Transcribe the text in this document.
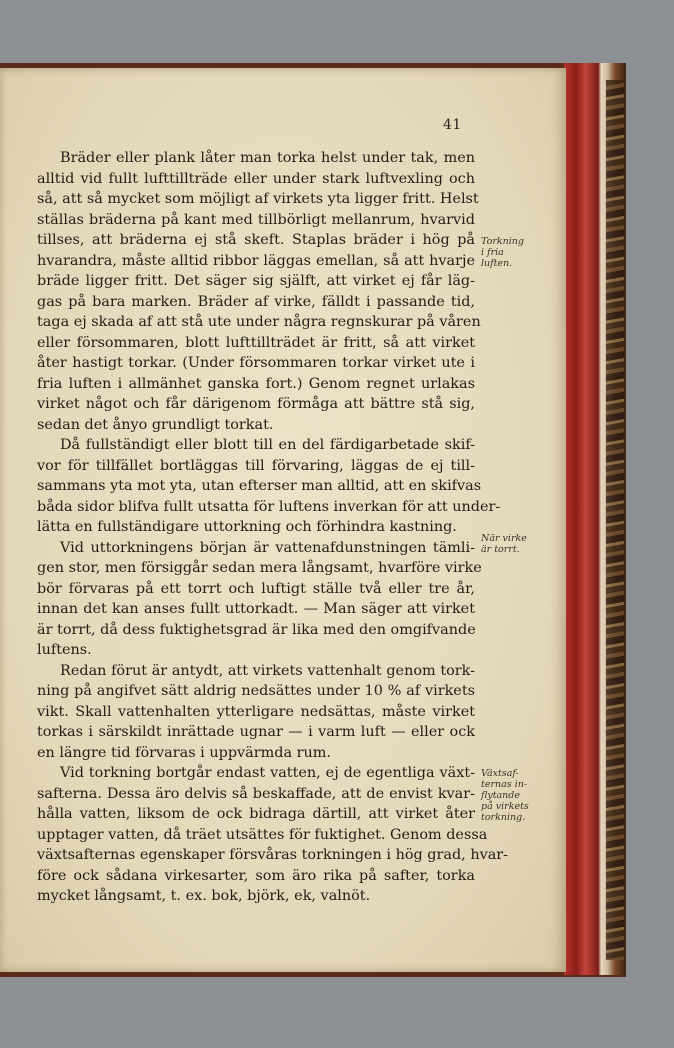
41
Bräder eller plank låter man torka helst under tak, men
alltid vid fullt lufttillträde eller under stark luftvexling och
så, att så mycket som möjligt af virkets yta ligger fritt. Helst
ställas bräderna på kant med tillbörligt mellanrum, hvarvid
tillses, att bräderna ej stå skeft. Staplas bräder i hög på
hvarandra, måste alltid ribbor läggas emellan, så att hvarje
bräde ligger fritt. Det säger sig själft, att virket ej får läg-
gas på bara marken. Bräder af virke, fälldt i passande tid,
taga ej skada af att stå ute under några regnskurar på våren
eller försommaren, blott lufttillträdet är fritt, så att virket
åter hastigt torkar. (Under försommaren torkar virket ute i
fria luften i allmänhet ganska fort.) Genom regnet urlakas
virket något och får därigenom förmåga att bättre stå sig,
sedan det ånyo grundligt torkat.
Då fullständigt eller blott till en del färdigarbetade skif-
vor för tillfället bortläggas till förvaring, läggas de ej till-
sammans yta mot yta, utan efterser man alltid, att en skifvas
båda sidor blifva fullt utsatta för luftens inverkan för att under-
lätta en fullständigare uttorkning och förhindra kastning.
Vid uttorkningens början är vattenafdunstningen tämli-
gen stor, men försiggår sedan mera långsamt, hvarföre virke
bör förvaras på ett torrt och luftigt ställe två eller tre år,
innan det kan anses fullt uttorkadt. — Man säger att virket
är torrt, då dess fuktighetsgrad är lika med den omgifvande
luftens.
Redan förut är antydt, att virkets vattenhalt genom tork-
ning på angifvet sätt aldrig nedsättes under 10 % af virkets
vikt. Skall vattenhalten ytterligare nedsättas, måste virket
torkas i särskildt inrättade ugnar — i varm luft — eller ock
en längre tid förvaras i uppvärmda rum.
Vid torkning bortgår endast vatten, ej de egentliga växt-
safterna. Dessa äro delvis så beskaffade, att de envist kvar-
hålla vatten, liksom de ock bidraga därtill, att virket åter
upptager vatten, då träet utsättes för fuktighet. Genom dessa
växtsafternas egenskaper försvåras torkningen i hög grad, hvar-
före ock sådana virkesarter, som äro rika på safter, torka
mycket långsamt, t. ex. bok, björk, ek, valnöt.
Torkning
i fria
luften.
När virke
är torrt.
Växtsaf-
ternas in-
flytande
på virkets
torkning.
